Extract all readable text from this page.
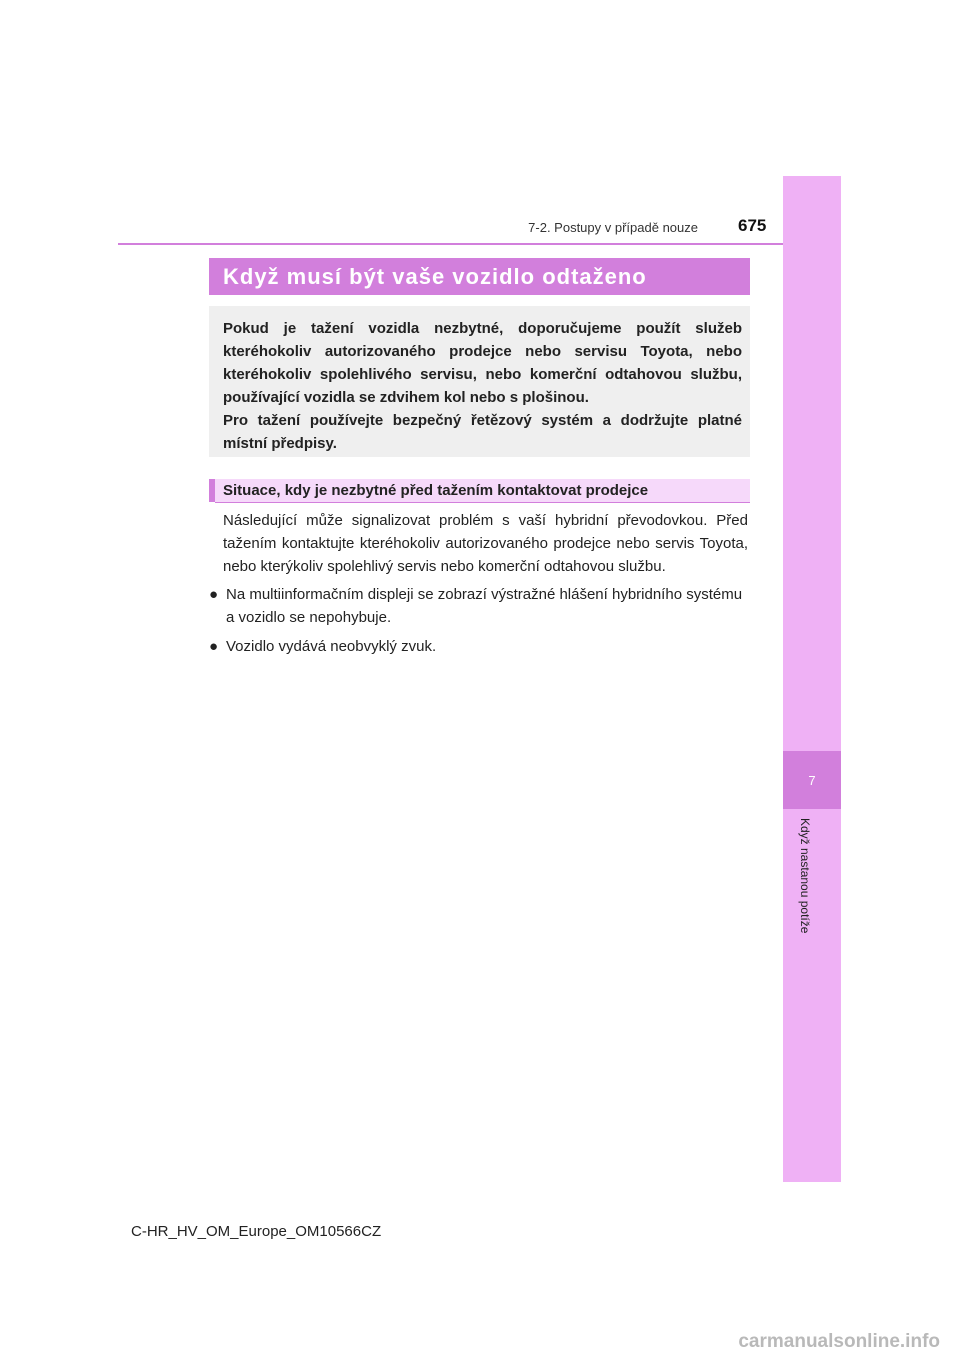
7
Když nastanou potíže
7-2. Postupy v případě nouze 675
Když musí být vaše vozidlo odtaženo

Pokud je tažení vozidla nezbytné, doporučujeme použít služeb kteréhokoliv autorizovaného prodejce nebo servisu Toyota, nebo kteréhokoliv spolehlivého servisu, nebo komerční odtahovou službu, používající vozidla se zdvihem kol nebo s plošinou.

Pro tažení používejte bezpečný řetězový systém a dodržujte platné místní předpisy.

Situace, kdy je nezbytné před tažením kontaktovat prodejce

Následující může signalizovat problém s vaší hybridní převodovkou. Před tažením kontaktujte kteréhokoliv autorizovaného prodejce nebo servis Toyota, nebo kterýkoliv spolehlivý servis nebo komerční odtahovou službu.

● Na multiinformačním displeji se zobrazí výstražné hlášení hybridního systému a vozidlo se nepohybuje.
● Vozidlo vydává neobvyklý zvuk.
C-HR_HV_OM_Europe_OM10566CZ
carmanualsonline.info
